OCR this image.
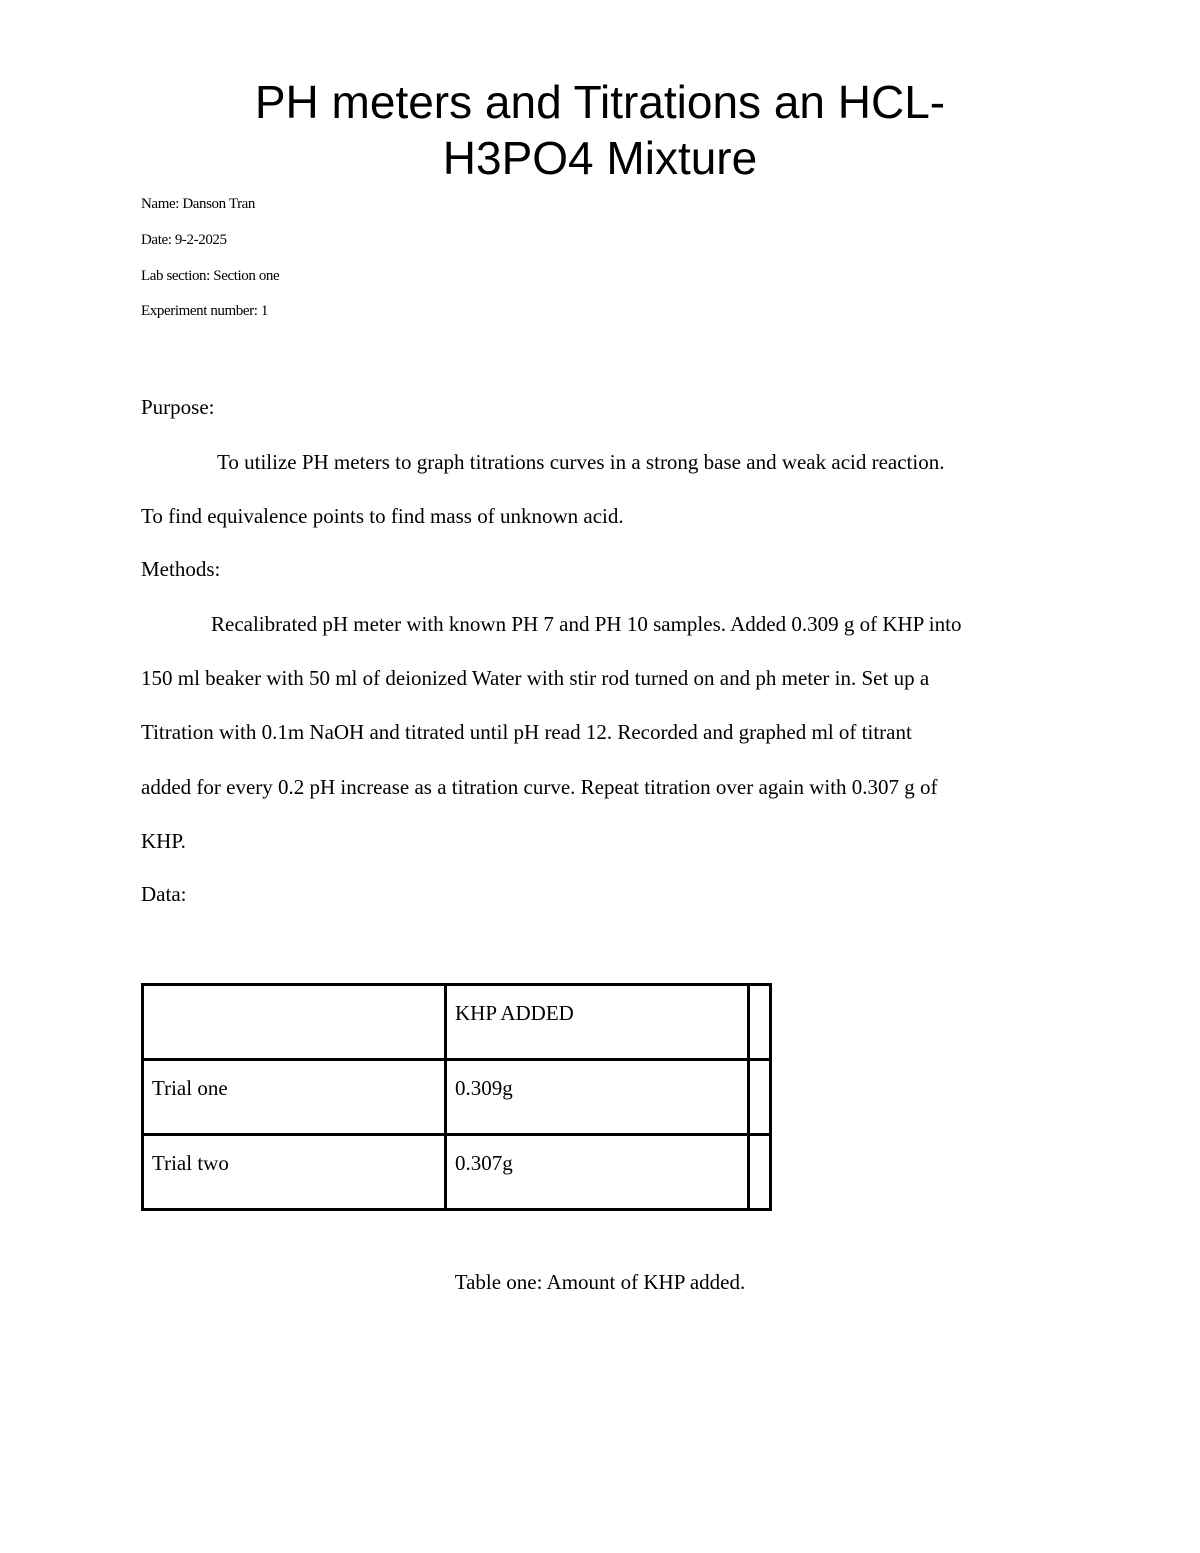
PH meters and Titrations an HCL-
H3PO4 Mixture
Name: Danson Tran
Date: 9-2-2025
Lab section: Section one
Experiment number: 1
Purpose:
To utilize PH meters to graph titrations curves in a strong base and weak acid reaction.
To find equivalence points to find mass of unknown acid.
Methods:
Recalibrated pH meter with known PH 7 and PH 10 samples. Added 0.309 g of KHP into
150 ml beaker with 50 ml of deionized Water with stir rod turned on and ph meter in. Set up a
Titration with 0.1m NaOH and titrated until pH read 12. Recorded and graphed ml of titrant
added for every 0.2 pH increase as a titration curve. Repeat titration over again with 0.307 g of
KHP.
Data:

	KHP ADDED	

Trial one	0.309g	

Trial two	0.307g	

Table one: Amount of KHP added.
